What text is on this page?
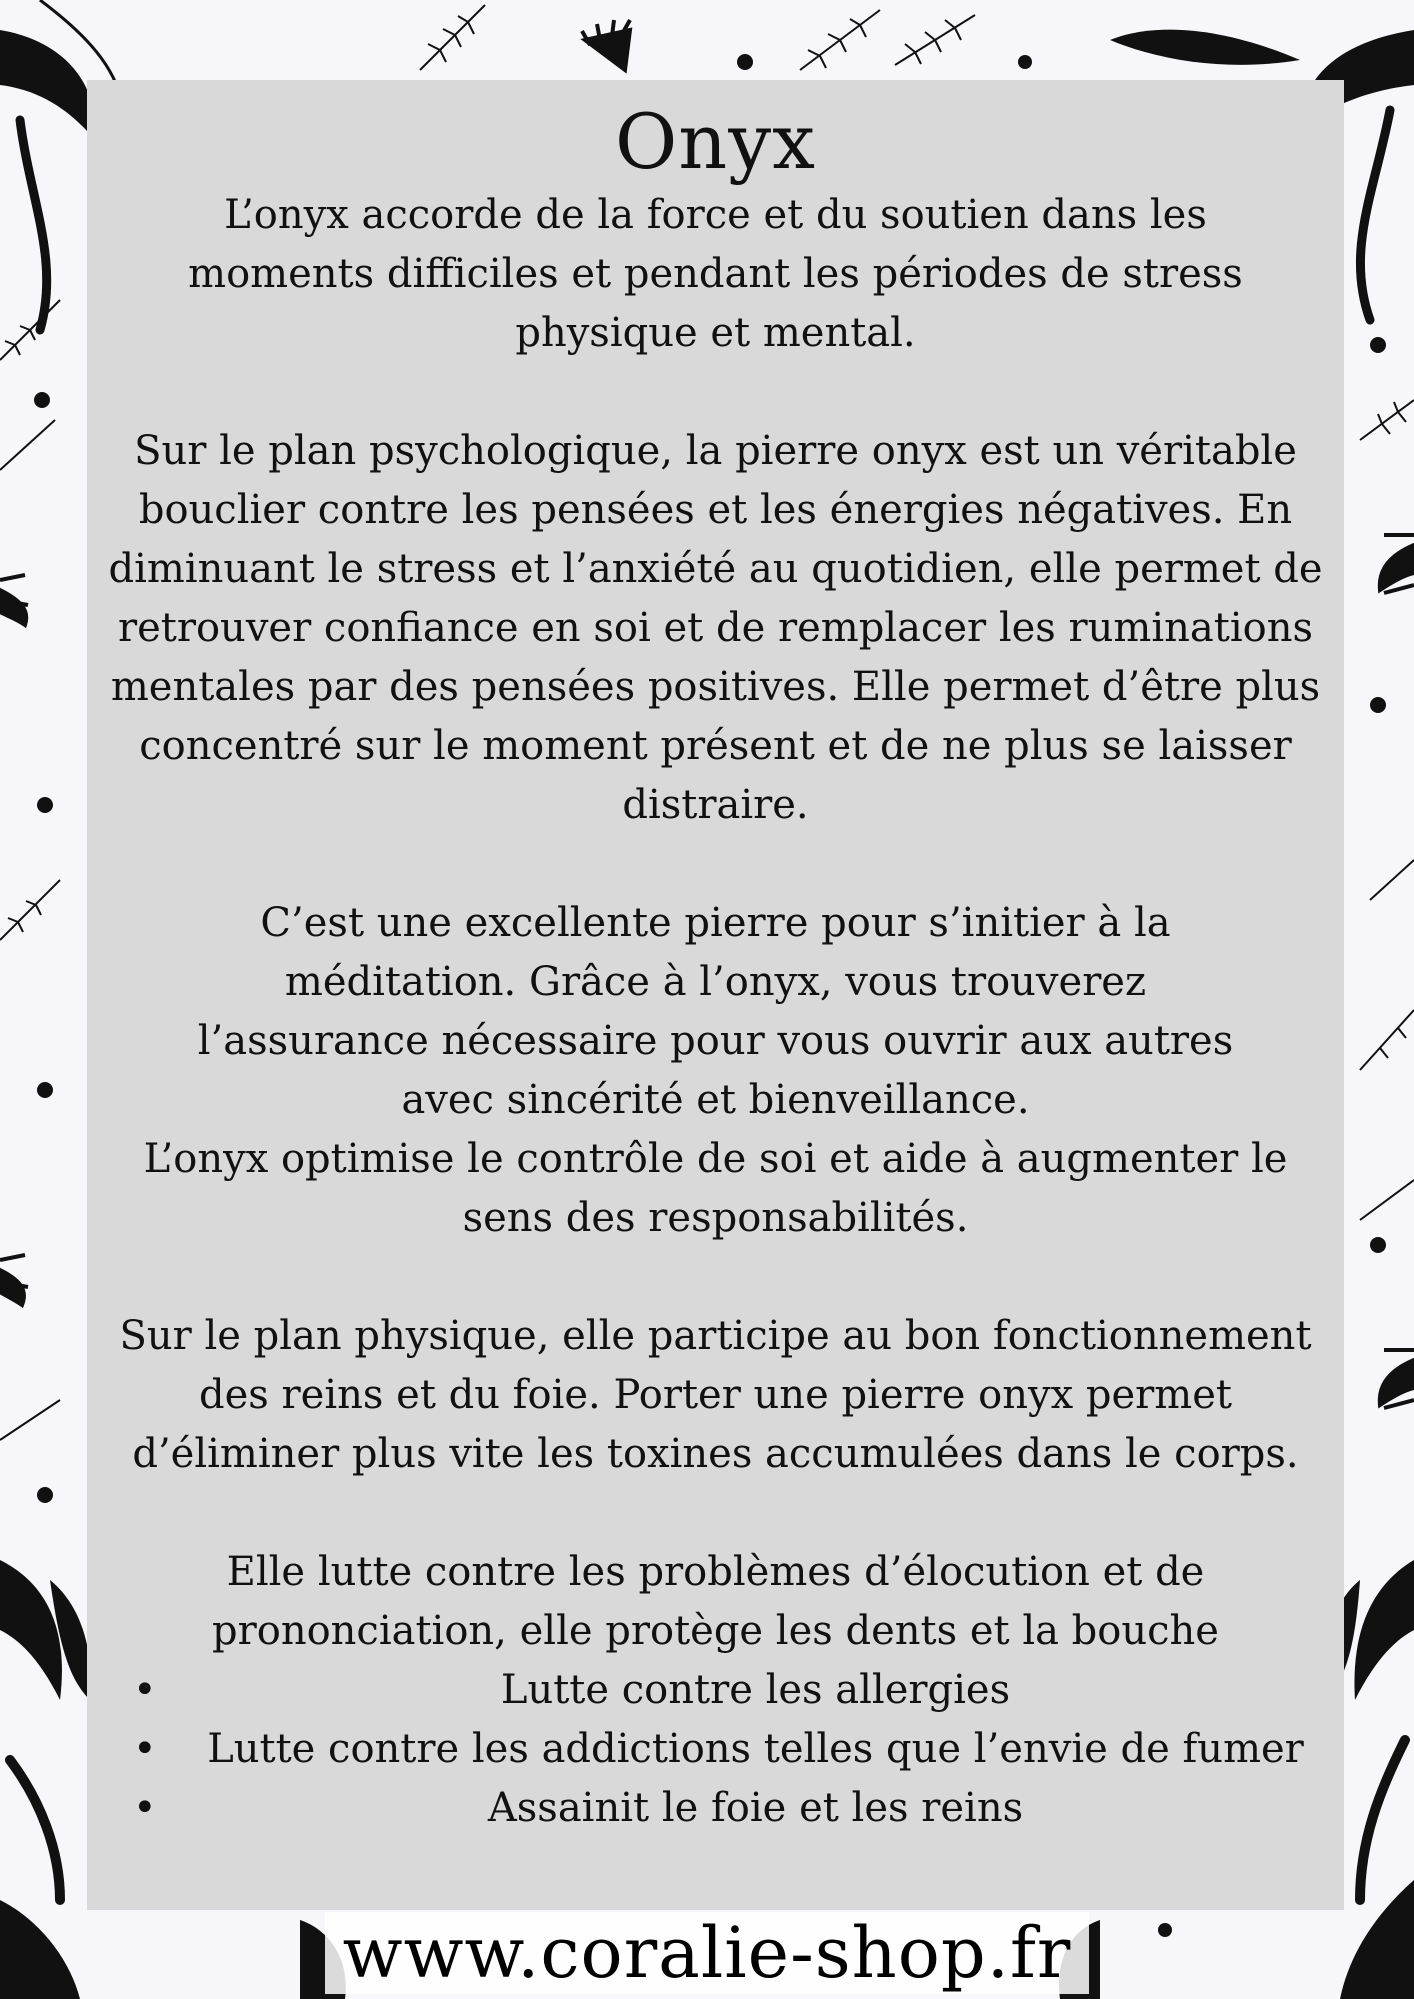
Onyx

L’onyx accorde de la force et du soutien dans les moments difficiles et pendant les périodes de stress physique et mental.

Sur le plan psychologique, la pierre onyx est un véritable bouclier contre les pensées et les énergies négatives. En diminuant le stress et l’anxiété au quotidien, elle permet de retrouver confiance en soi et de remplacer les ruminations mentales par des pensées positives. Elle permet d’être plus concentré sur le moment présent et de ne plus se laisser distraire.

C’est une excellente pierre pour s’initier à la méditation. Grâce à l’onyx, vous trouverez l’assurance nécessaire pour vous ouvrir aux autres avec sincérité et bienveillance.

L’onyx optimise le contrôle de soi et aide à augmenter le sens des responsabilités.

Sur le plan physique, elle participe au bon fonctionnement des reins et du foie. Porter une pierre onyx permet d’éliminer plus vite les toxines accumulées dans le corps.

Elle lutte contre les problèmes d’élocution et de prononciation, elle protège les dents et la bouche

•	Lutte contre les allergies
• Lutte contre les addictions telles que l’envie de fumer
•	Assainit le foie et les reins
www.coralie-shop.fr
